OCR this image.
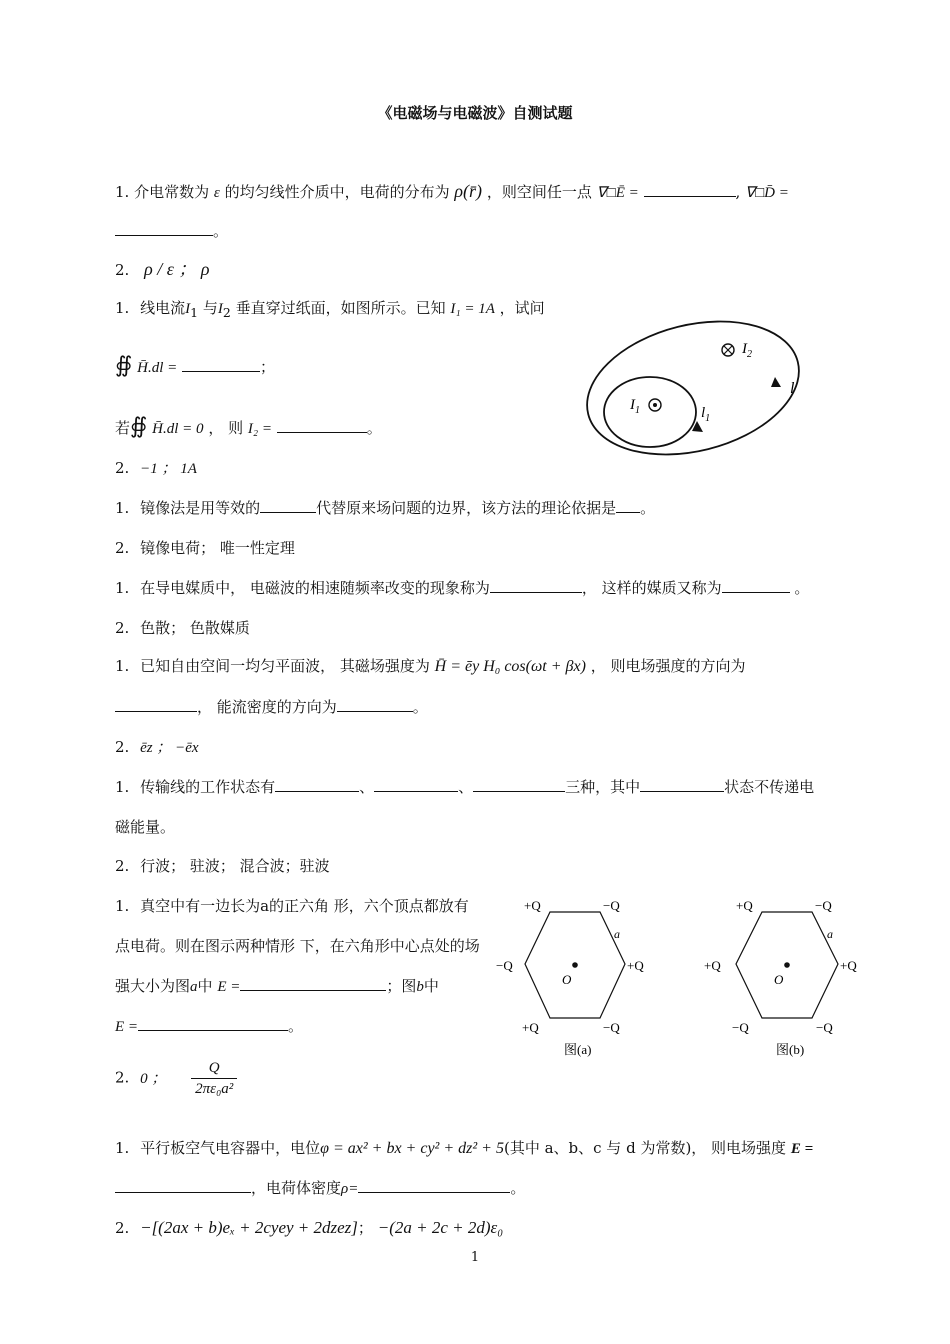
《电磁场与电磁波》自测试题
1. 介电常数为 ε 的均匀线性介质中，电荷的分布为 ρ(r̄) ，则空间任一点 ∇□Ē =	, ∇□D̄ =
。
2. ρ / ε ； ρ
1. 线电流$I_1$ 与$I_2$ 垂直穿过纸面，如图所示。已知 I₁ = 1A ，试问
∯ H̄.dl =	；
若∯ H̄.dl = 0 ， 则 I₂ =	。
2. −1 ； 1A
$I_1$
$I_2$
$l_1$
l
1. 镜像法是用等效的	代替原来场问题的边界，该方法的理论依据是 。
2. 镜像电荷； 唯一性定理
1. 在导电媒质中， 电磁波的相速随频率改变的现象称为	， 这样的媒质又称为	。
2. 色散； 色散媒质
1. 已知自由空间一均匀平面波， 其磁场强度为 H̄ = ēy H₀ cos(ωt + βx) ， 则电场强度的方向为
， 能流密度的方向为	。
2. ēz ； −ēx
1. 传输线的工作状态有	、	、	三种，其中	状态不传递电
磁能量。
2. 行波； 驻波； 混合波；驻波
1. 真空中有一边长为a的正六角 形，六个顶点都放有
点电荷。则在图示两种情形 下，在六角形中心点处的场
强大小为图a中 E =	；图b中
E =	。
2. 0 ； $\frac{Q}{\text{2πε₀a²}}$
+Q	−Q
−Q	+Q
+Q	−Q
O
a
图(a)
+Q	−Q
+Q	+Q
−Q	−Q
O
a
图(b)
1. 平行板空气电容器中，电位φ = ax² + bx + cy² + dz² + 5(其中 a、b、c 与 d 为常数)， 则电场强度 E =
，电荷体密度ρ=	。
2. −[(2ax + b)eₓ + 2cyey + 2dzez]； −(2a + 2c + 2d)ε₀
1
